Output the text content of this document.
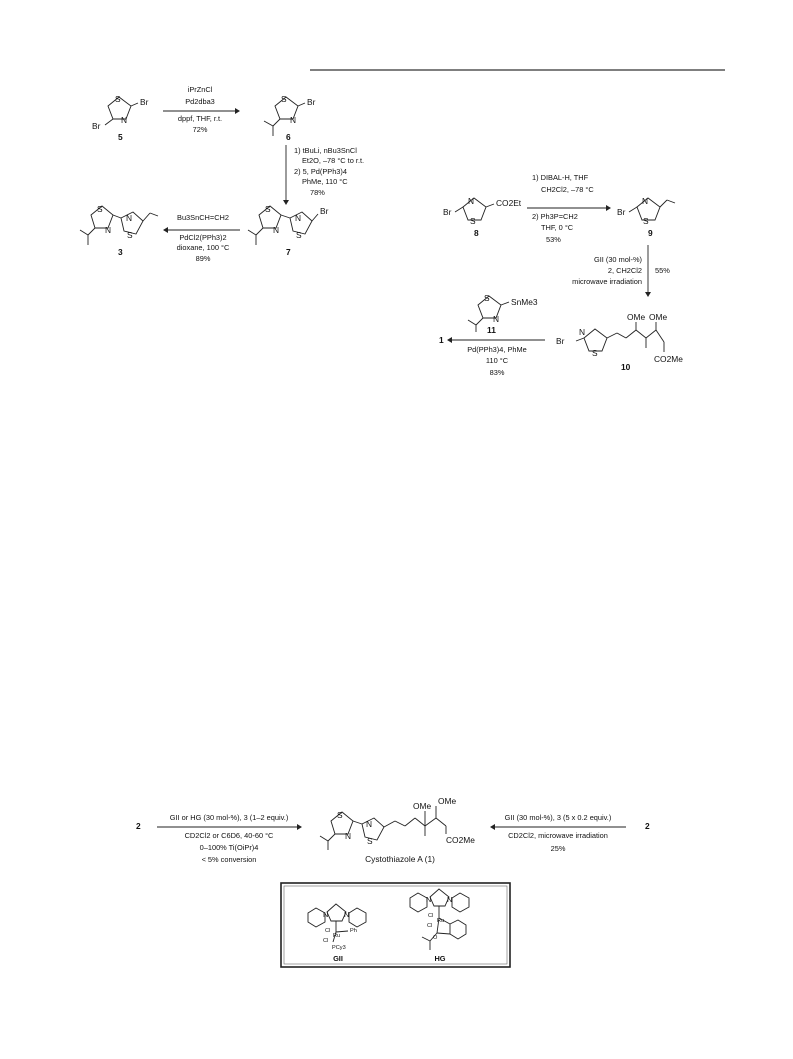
S
N
Br
Br
5
iPrZnCl
Pd2dba3
dppf, THF, r.t.
72%
S
N
Br
6
1) tBuLi, nBu3SnCl
Et2O, –78 °C to r.t.
2) 5, Pd(PPh3)4
PhMe, 110 °C
78%
S
N
N
S
Br
7
Bu3SnCH=CH2
PdCl2(PPh3)2
dioxane, 100 °C
89%
S
N
N
S
3
S
N
Br
CO2Et
8
1) DIBAL-H, THF
CH2Cl2, –78 °C
2) Ph3P=CH2
THF, 0 °C
53%
S
N
Br
9
GII (30 mol-%)
2, CH2Cl2
microwave irradiation
55%
Br
N
S
OMe OMe
CO2Me
10
Pd(PPh3)4, PhMe
110 °C
83%
S
N
SnMe3
11
1
2
GII or HG (30 mol-%), 3 (1–2 equiv.)
CD2Cl2 or C6D6, 40-60 °C
0–100% Ti(OiPr)4
< 5% conversion
S
N
N
S
OMe OMe
CO2Me
Cystothiazole A (1)
GII (30 mol-%), 3 (5 x 0.2 equiv.)
CD2Cl2, microwave irradiation
25%
2
N N
Cl
Ru
Ph
Cl
PCy3
GII
N N
Cl
Ru
Cl
O
HG
